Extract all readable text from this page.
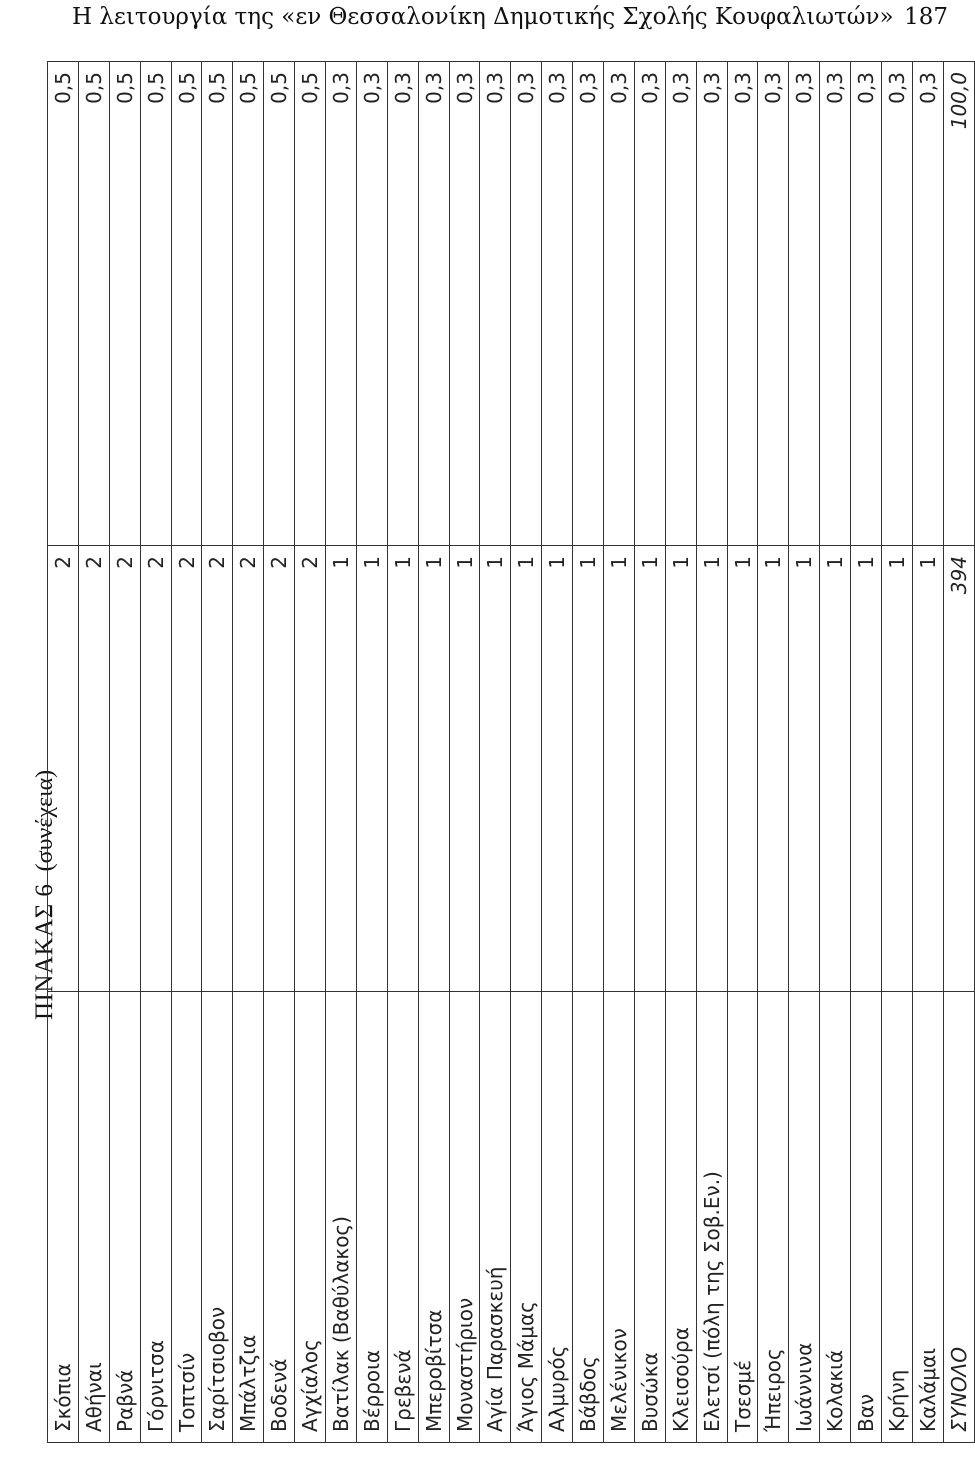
Η λειτουργία της «εν Θεσσαλονίκη Δημοτικής Σχολής Κουφαλιωτών» 187
ΠΙΝΑΚΑΣ 6 (συνέχεια)
Σκόπια	2	0,5
Αθήναι	2	0,5
Ραβνά	2	0,5
Γόρνιτσα	2	0,5
Τοπτσίν	2	0,5
Σαρίτσιοβον	2	0,5
Μπάλτζια	2	0,5
Βοδενά	2	0,5
Αγχίαλος	2	0,5
Βατίλακ (Βαθύλακος)	1	0,3
Βέρροια	1	0,3
Γρεβενά	1	0,3
Μπεροβίτσα	1	0,3
Μοναστήριον	1	0,3
Αγία Παρασκευή	1	0,3
Άγιος Μάμας	1	0,3
Αλμυρός	1	0,3
Βάβδος	1	0,3
Μελένικον	1	0,3
Βυσώκα	1	0,3
Κλεισούρα	1	0,3
Ελετσί (πόλη της Σοβ.Εν.)	1	0,3
Τσεσμέ	1	0,3
Ήπειρος	1	0,3
Ιωάννινα	1	0,3
Κολακιά	1	0,3
Βαν	1	0,3
Κρήνη	1	0,3
Καλάμαι	1	0,3
ΣΥΝΟΛΟ	394	100,0
